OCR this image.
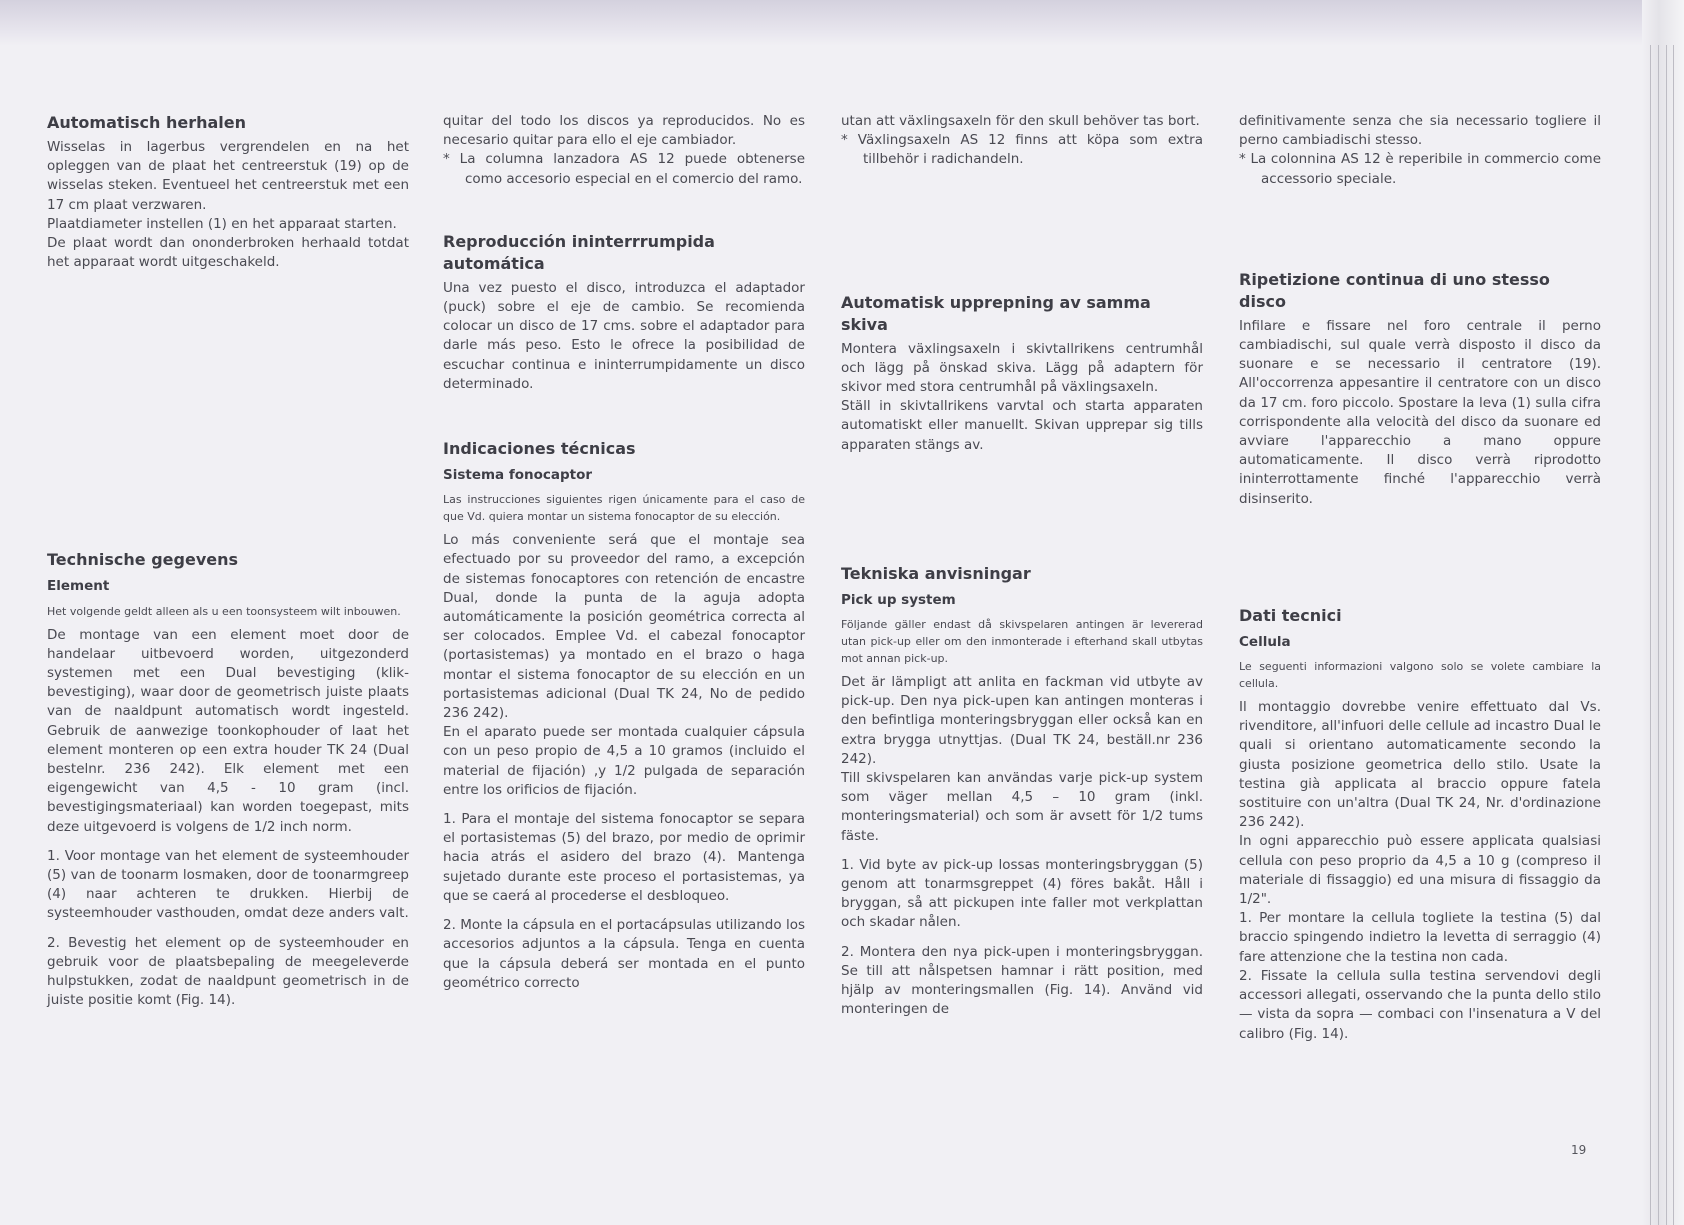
Automatisch herhalen

Wisselas in lagerbus vergrendelen en na het opleggen van de plaat het centreerstuk (19) op de wisselas steken. Eventueel het centreerstuk met een 17 cm plaat verzwaren.

Plaatdiameter instellen (1) en het apparaat starten.

De plaat wordt dan ononderbroken herhaald totdat het apparaat wordt uitgeschakeld.

Technische gegevens
Element

Het volgende geldt alleen als u een toonsysteem wilt inbouwen.

De montage van een element moet door de handelaar uitbevoerd worden, uitgezonderd systemen met een Dual bevestiging (klik-bevestiging), waar door de geometrisch juiste plaats van de naaldpunt automatisch wordt ingesteld. Gebruik de aanwezige toonkophouder of laat het element monteren op een extra houder TK 24 (Dual bestelnr. 236 242). Elk element met een eigengewicht van 4,5 - 10 gram (incl. bevestigingsmateriaal) kan worden toegepast, mits deze uitgevoerd is volgens de 1/2 inch norm.

1. Voor montage van het element de systeemhouder (5) van de toonarm losmaken, door de toonarmgreep (4) naar achteren te drukken. Hierbij de systeemhouder vasthouden, omdat deze anders valt.

2. Bevestig het element op de systeemhouder en gebruik voor de plaatsbepaling de meegeleverde hulpstukken, zodat de naaldpunt geometrisch in de juiste positie komt (Fig. 14).

quitar del todo los discos ya reproducidos. No es necesario quitar para ello el eje cambiador.

* La columna lanzadora AS 12 puede obtenerse como accesorio especial en el comercio del ramo.

Reproducción ininterrrumpida automática

Una vez puesto el disco, introduzca el adaptador (puck) sobre el eje de cambio. Se recomienda colocar un disco de 17 cms. sobre el adaptador para darle más peso. Esto le ofrece la posibilidad de escuchar continua e ininterrumpidamente un disco determinado.

Indicaciones técnicas
Sistema fonocaptor

Las instrucciones siguientes rigen únicamente para el caso de que Vd. quiera montar un sistema fonocaptor de su elección.

Lo más conveniente será que el montaje sea efectuado por su proveedor del ramo, a excepción de sistemas fonocaptores con retención de encastre Dual, donde la punta de la aguja adopta automáticamente la posición geométrica correcta al ser colocados. Emplee Vd. el cabezal fonocaptor (portasistemas) ya montado en el brazo o haga montar el sistema fonocaptor de su elección en un portasistemas adicional (Dual TK 24, No de pedido 236 242).

En el aparato puede ser montada cualquier cápsula con un peso propio de 4,5 a 10 gramos (incluido el material de fijación) ,y 1/2 pulgada de separación entre los orificios de fijación.

1. Para el montaje del sistema fonocaptor se separa el portasistemas (5) del brazo, por medio de oprimir hacia atrás el asidero del brazo (4). Mantenga sujetado durante este proceso el portasistemas, ya que se caerá al procederse el desbloqueo.

2. Monte la cápsula en el portacápsulas utilizando los accesorios adjuntos a la cápsula. Tenga en cuenta que la cápsula deberá ser montada en el punto geométrico correcto

utan att växlingsaxeln för den skull behöver tas bort.

* Växlingsaxeln AS 12 finns att köpa som extra tillbehör i radichandeln.

Automatisk upprepning av samma skiva

Montera växlingsaxeln i skivtallrikens centrumhål och lägg på önskad skiva. Lägg på adaptern för skivor med stora centrumhål på växlingsaxeln.

Ställ in skivtallrikens varvtal och starta apparaten automatiskt eller manuellt. Skivan upprepar sig tills apparaten stängs av.

Tekniska anvisningar
Pick up system

Följande gäller endast då skivspelaren antingen är levererad utan pick-up eller om den inmonterade i efterhand skall utbytas mot annan pick-up.

Det är lämpligt att anlita en fackman vid utbyte av pick-up. Den nya pick-upen kan antingen monteras i den befintliga monteringsbryggan eller också kan en extra brygga utnyttjas. (Dual TK 24, beställ.nr 236 242).

Till skivspelaren kan användas varje pick-up system som väger mellan 4,5 – 10 gram (inkl. monteringsmaterial) och som är avsett för 1/2 tums fäste.

1. Vid byte av pick-up lossas monteringsbryggan (5) genom att tonarmsgreppet (4) föres bakåt. Håll i bryggan, så att pickupen inte faller mot verkplattan och skadar nålen.

2. Montera den nya pick-upen i monteringsbryggan. Se till att nålspetsen hamnar i rätt position, med hjälp av monteringsmallen (Fig. 14). Använd vid monteringen de

definitivamente senza che sia necessario togliere il perno cambiadischi stesso.

* La colonnina AS 12 è reperibile in commercio come accessorio speciale.

Ripetizione continua di uno stesso disco

Infilare e fissare nel foro centrale il perno cambiadischi, sul quale verrà disposto il disco da suonare e se necessario il centratore (19). All'occorrenza appesantire il centratore con un disco da 17 cm. foro piccolo. Spostare la leva (1) sulla cifra corrispondente alla velocità del disco da suonare ed avviare l'apparecchio a mano oppure automaticamente. Il disco verrà riprodotto ininterrottamente finché l'apparecchio verrà disinserito.

Dati tecnici
Cellula

Le seguenti informazioni valgono solo se volete cambiare la cellula.

Il montaggio dovrebbe venire effettuato dal Vs. rivenditore, all'infuori delle cellule ad incastro Dual le quali si orientano automaticamente secondo la giusta posizione geometrica dello stilo. Usate la testina già applicata al braccio oppure fatela sostituire con un'altra (Dual TK 24, Nr. d'ordinazione 236 242).

In ogni apparecchio può essere applicata qualsiasi cellula con peso proprio da 4,5 a 10 g (compreso il materiale di fissaggio) ed una misura di fissaggio da 1/2".

1. Per montare la cellula togliete la testina (5) dal braccio spingendo indietro la levetta di serraggio (4) fare attenzione che la testina non cada.

2. Fissate la cellula sulla testina servendovi degli accessori allegati, osservando che la punta dello stilo — vista da sopra — combaci con l'insenatura a V del calibro (Fig. 14).

19
